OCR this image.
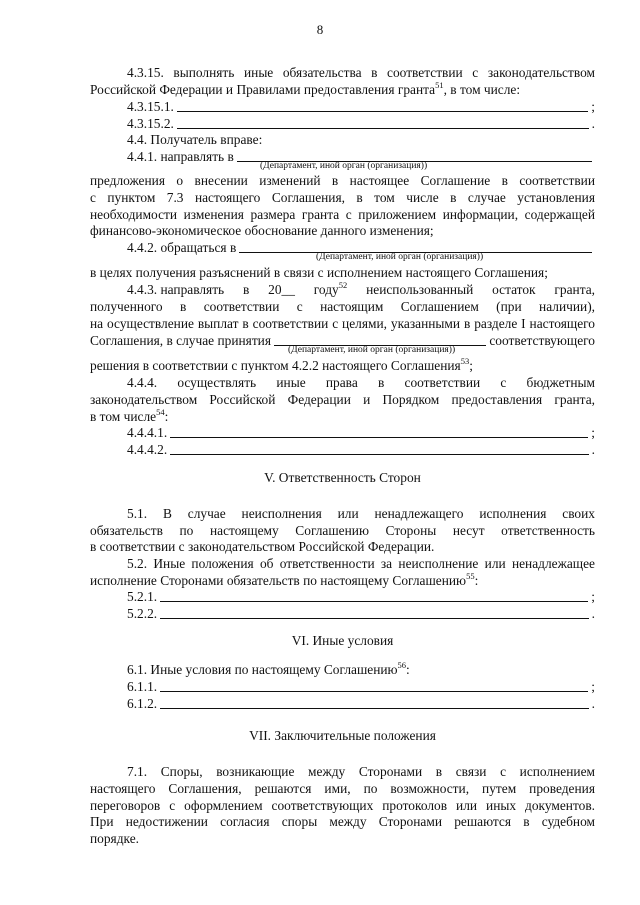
8
4.3.15. выполнять иные обязательства в соответствии с законодательством
Российской Федерации и Правилами предоставления гранта$^{51}$, в том числе:
4.3.15.1.	;
4.3.15.2.	.
4.4. Получатель вправе:
4.4.1. направлять в
(Департамент, иной орган (организация))
предложения о внесении изменений в настоящее Соглашение в соответствии
с пунктом 7.3 настоящего Соглашения, в том числе в случае установления
необходимости изменения размера гранта с приложением информации, содержащей
финансово-экономическое обоснование данного изменения;
4.4.2. обращаться в
(Департамент, иной орган (организация))
в целях получения разъяснений в связи с исполнением настоящего Соглашения;
4.4.3. направлять в 20__ году$^{52}$ неиспользованный остаток гранта,
полученного в соответствии с настоящим Соглашением (при наличии),
на осуществление выплат в соответствии с целями, указанными в разделе I настоящего
Соглашения, в случае принятия	соответствующего
(Департамент, иной орган (организация))
решения в соответствии с пунктом 4.2.2 настоящего Соглашения$^{53}$;
4.4.4. осуществлять иные права в соответствии с бюджетным
законодательством Российской Федерации и Порядком предоставления гранта,
в том числе$^{54}$:
4.4.4.1.	;
4.4.4.2.	.
V. Ответственность Сторон
5.1. В случае неисполнения или ненадлежащего исполнения своих
обязательств по настоящему Соглашению Стороны несут ответственность
в соответствии с законодательством Российской Федерации.
5.2. Иные положения об ответственности за неисполнение или ненадлежащее
исполнение Сторонами обязательств по настоящему Соглашению$^{55}$:
5.2.1.	;
5.2.2.	.
VI. Иные условия
6.1. Иные условия по настоящему Соглашению$^{56}$:
6.1.1.	;
6.1.2.	.
VII. Заключительные положения
7.1. Споры, возникающие между Сторонами в связи с исполнением
настоящего Соглашения, решаются ими, по возможности, путем проведения
переговоров с оформлением соответствующих протоколов или иных документов.
При недостижении согласия споры между Сторонами решаются в судебном
порядке.
